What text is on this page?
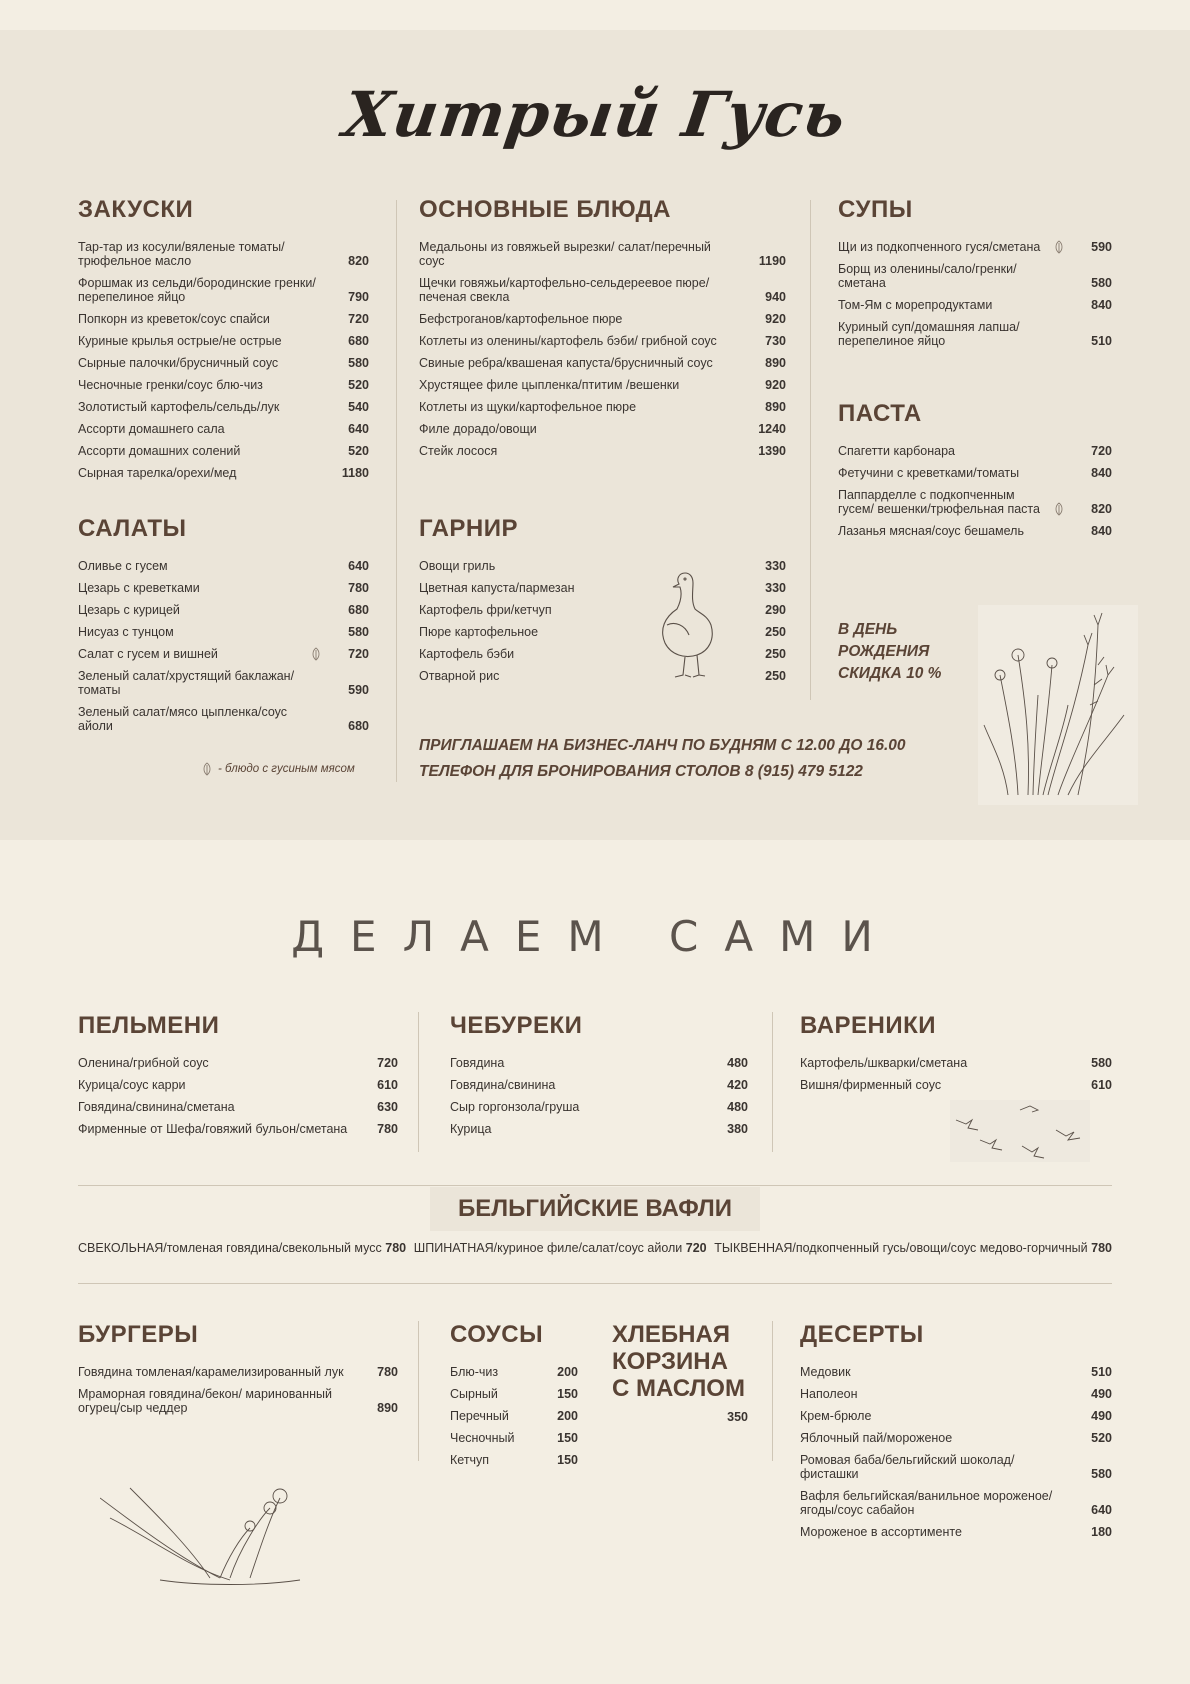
Хитрый Гусь
ЗАКУСКИ
Тар-тар из косули/вяленые томаты/ трюфельное масло	820
Форшмак из сельди/бородинские гренки/ перепелиное яйцо	790
Попкорн из креветок/соус спайси	720
Куриные крылья острые/не острые	680
Сырные палочки/брусничный соус	580
Чесночные гренки/соус блю-чиз	520
Золотистый картофель/сельдь/лук	540
Ассорти домашнего сала	640
Ассорти домашних солений	520
Сырная тарелка/орехи/мед	1180
САЛАТЫ
Оливье с гусем	640
Цезарь с креветками	780
Цезарь с курицей	680
Нисуаз с тунцом	580
Салат с гусем и вишней	720
Зеленый салат/хрустящий баклажан/ томаты	590
Зеленый салат/мясо цыпленка/соус айоли	680
- блюдо с гусиным мясом
ОСНОВНЫЕ БЛЮДА
Медальоны из говяжьей вырезки/ салат/перечный соус	1190
Щечки говяжьи/картофельно-сельдереевое пюре/ печеная свекла	940
Бефстроганов/картофельное пюре	920
Котлеты из оленины/картофель бэби/ грибной соус	730
Свиные ребра/квашеная капуста/брусничный соус	890
Хрустящее филе цыпленка/птитим /вешенки	920
Котлеты из щуки/картофельное пюре	890
Филе дорадо/овощи	1240
Стейк лосося	1390
ГАРНИР
Овощи гриль	330
Цветная капуста/пармезан	330
Картофель фри/кетчуп	290
Пюре картофельное	250
Картофель бэби	250
Отварной рис	250
ПРИГЛАШАЕМ НА БИЗНЕС-ЛАНЧ ПО БУДНЯМ С 12.00 ДО 16.00
ТЕЛЕФОН ДЛЯ БРОНИРОВАНИЯ СТОЛОВ 8 (915) 479 5122
СУПЫ
Щи из подкопченного гуся/сметана	590
Борщ из оленины/сало/гренки/сметана	580
Том-Ям с морепродуктами	840
Куриный суп/домашняя лапша/ перепелиное яйцо	510
ПАСТА
Спагетти карбонара	720
Фетучини с креветками/томаты	840
Паппарделле с подкопченным гусем/ вешенки/трюфельная паста	820
Лазанья мясная/соус бешамель	840
В ДЕНЬ
РОЖДЕНИЯ
СКИДКА 10 %
ДЕЛАЕМ САМИ
ПЕЛЬМЕНИ
Оленина/грибной соус	720
Курица/соус карри	610
Говядина/свинина/сметана	630
Фирменные от Шефа/говяжий бульон/сметана	780
ЧЕБУРЕКИ
Говядина	480
Говядина/свинина	420
Сыр горгонзола/груша	480
Курица	380
ВАРЕНИКИ
Картофель/шкварки/сметана	580
Вишня/фирменный соус	610
БЕЛЬГИЙСКИЕ ВАФЛИ
СВЕКОЛЬНАЯ/томленая говядина/свекольный мусс 780 ШПИНАТНАЯ/куриное филе/салат/соус айоли 720 ТЫКВЕННАЯ/подкопченный гусь/овощи/соус медово-горчичный 780
БУРГЕРЫ
Говядина томленая/карамелизированный лук	780
Мраморная говядина/бекон/ маринованный огурец/сыр чеддер	890
СОУСЫ
Блю-чиз	200
Сырный	150
Перечный	200
Чесночный	150
Кетчуп	150
ХЛЕБНАЯ
КОРЗИНА
С МАСЛОМ
350
ДЕСЕРТЫ
Медовик	510
Наполеон	490
Крем-брюле	490
Яблочный пай/мороженое	520
Ромовая баба/бельгийский шоколад/фисташки	580
Вафля бельгийская/ванильное мороженое/ ягоды/соус сабайон	640
Мороженое в ассортименте	180
